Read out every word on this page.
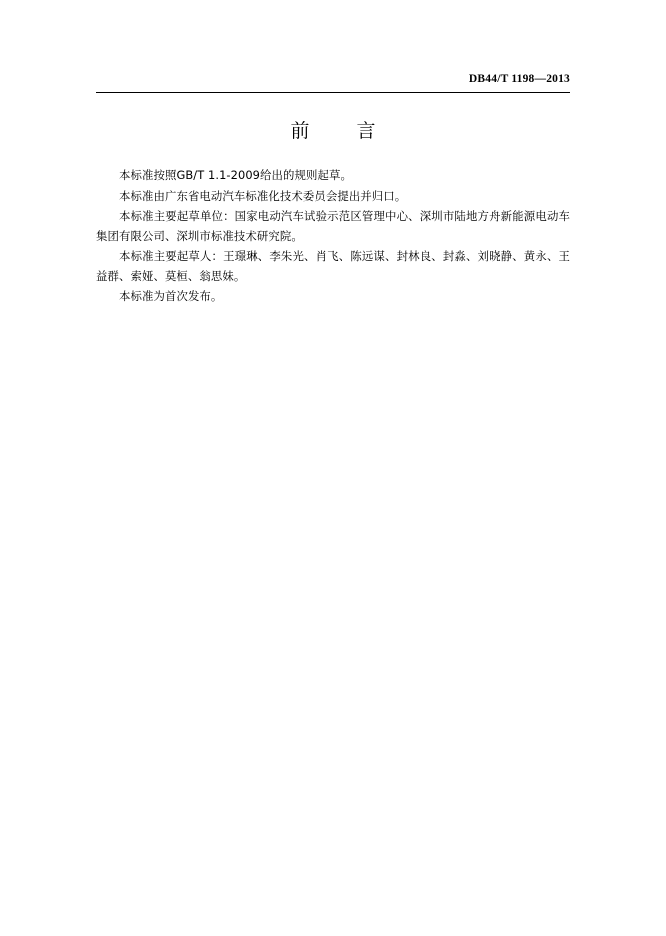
DB44/T 1198—2013
前　言

本标准按照GB/T 1.1-2009给出的规则起草。

本标准由广东省电动汽车标准化技术委员会提出并归口。

本标准主要起草单位：国家电动汽车试验示范区管理中心、深圳市陆地方舟新能源电动车集团有限公司、深圳市标准技术研究院。

本标准主要起草人：王璟琳、李朱光、肖飞、陈远谋、封林良、封淼、刘晓静、黄永、王益群、索娅、莫桓、翁思妹。

本标准为首次发布。
